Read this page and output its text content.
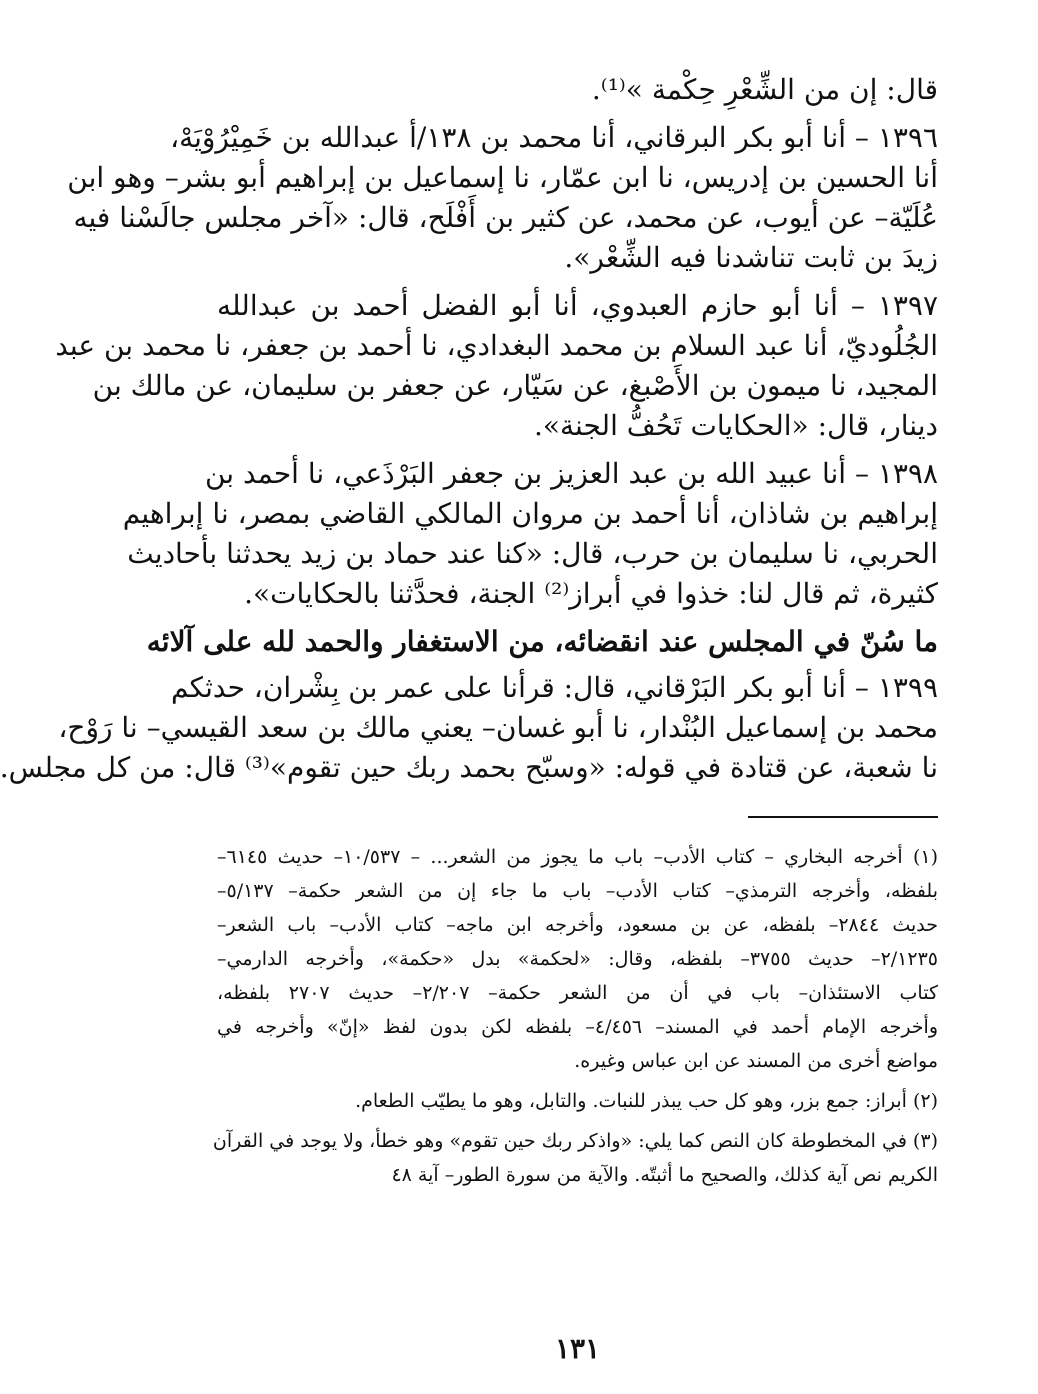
قال: إن من الشِّعْرِ حِكْمة »⁽¹⁾.
١٣٩٦ – أنا أبو بكر البرقاني، أنا محمد بن ١٣٨/أ عبدالله بن خَمِيْرُوْيَهْ،
أنا الحسين بن إدريس، نا ابن عمّار، نا إسماعيل بن إبراهيم أبو بشر– وهو ابن
عُلَيّة– عن أيوب، عن محمد، عن كثير بن أَفْلَح، قال: «آخر مجلس جالَسْنا فيه
زيدَ بن ثابت تناشدنا فيه الشِّعْر».
١٣٩٧ – أنا أبو حازم العبدوي، أنا أبو الفضل أحمد بن عبدالله
الجُلُوديّ، أنا عبد السلام بن محمد البغدادي، نا أحمد بن جعفر، نا محمد بن عبد
المجيد، نا ميمون بن الأَصْبغ، عن سَيّار، عن جعفر بن سليمان، عن مالك بن
دينار، قال: «الحكايات تَحُفُّ الجنة».
١٣٩٨ – أنا عبيد الله بن عبد العزيز بن جعفر البَرْذَعي، نا أحمد بن
إبراهيم بن شاذان، أنا أحمد بن مروان المالكي القاضي بمصر، نا إبراهيم
الحربي، نا سليمان بن حرب، قال: «كنا عند حماد بن زيد يحدثنا بأحاديث
كثيرة، ثم قال لنا: خذوا في أبراز⁽²⁾ الجنة، فحدَّثنا بالحكايات».
ما سُنّ في المجلس عند انقضائه، من الاستغفار والحمد لله على آلائه
١٣٩٩ – أنا أبو بكر البَرْقاني، قال: قرأنا على عمر بن بِشْران، حدثكم
محمد بن إسماعيل البُنْدار، نا أبو غسان– يعني مالك بن سعد القيسي– نا رَوْح،
نا شعبة، عن قتادة في قوله: «وسبّح بحمد ربك حين تقوم»⁽³⁾ قال: من كل مجلس.
(١) أخرجه البخاري – كتاب الأدب– باب ما يجوز من الشعر... – ١٠/٥٣٧– حديث ٦١٤٥–
بلفظه، وأخرجه الترمذي– كتاب الأدب– باب ما جاء إن من الشعر حكمة– ٥/١٣٧–
حديث ٢٨٤٤– بلفظه، عن بن مسعود، وأخرجه ابن ماجه– كتاب الأدب– باب الشعر–
٢/١٢٣٥– حديث ٣٧٥٥– بلفظه، وقال: «لحكمة» بدل «حكمة»، وأخرجه الدارمي–
كتاب الاستئذان– باب في أن من الشعر حكمة– ٢/٢٠٧– حديث ٢٧٠٧ بلفظه،
وأخرجه الإمام أحمد في المسند– ٤/٤٥٦– بلفظه لكن بدون لفظ «إنّ» وأخرجه في
مواضع أخرى من المسند عن ابن عباس وغيره.
(٢) أبراز: جمع بزر، وهو كل حب يبذر للنبات. والتابل، وهو ما يطيّب الطعام.
(٣) في المخطوطة كان النص كما يلي: «واذكر ربك حين تقوم» وهو خطأ، ولا يوجد في القرآن
الكريم نص آية كذلك، والصحيح ما أثبتّه. والآية من سورة الطور– آية ٤٨
١٣١
